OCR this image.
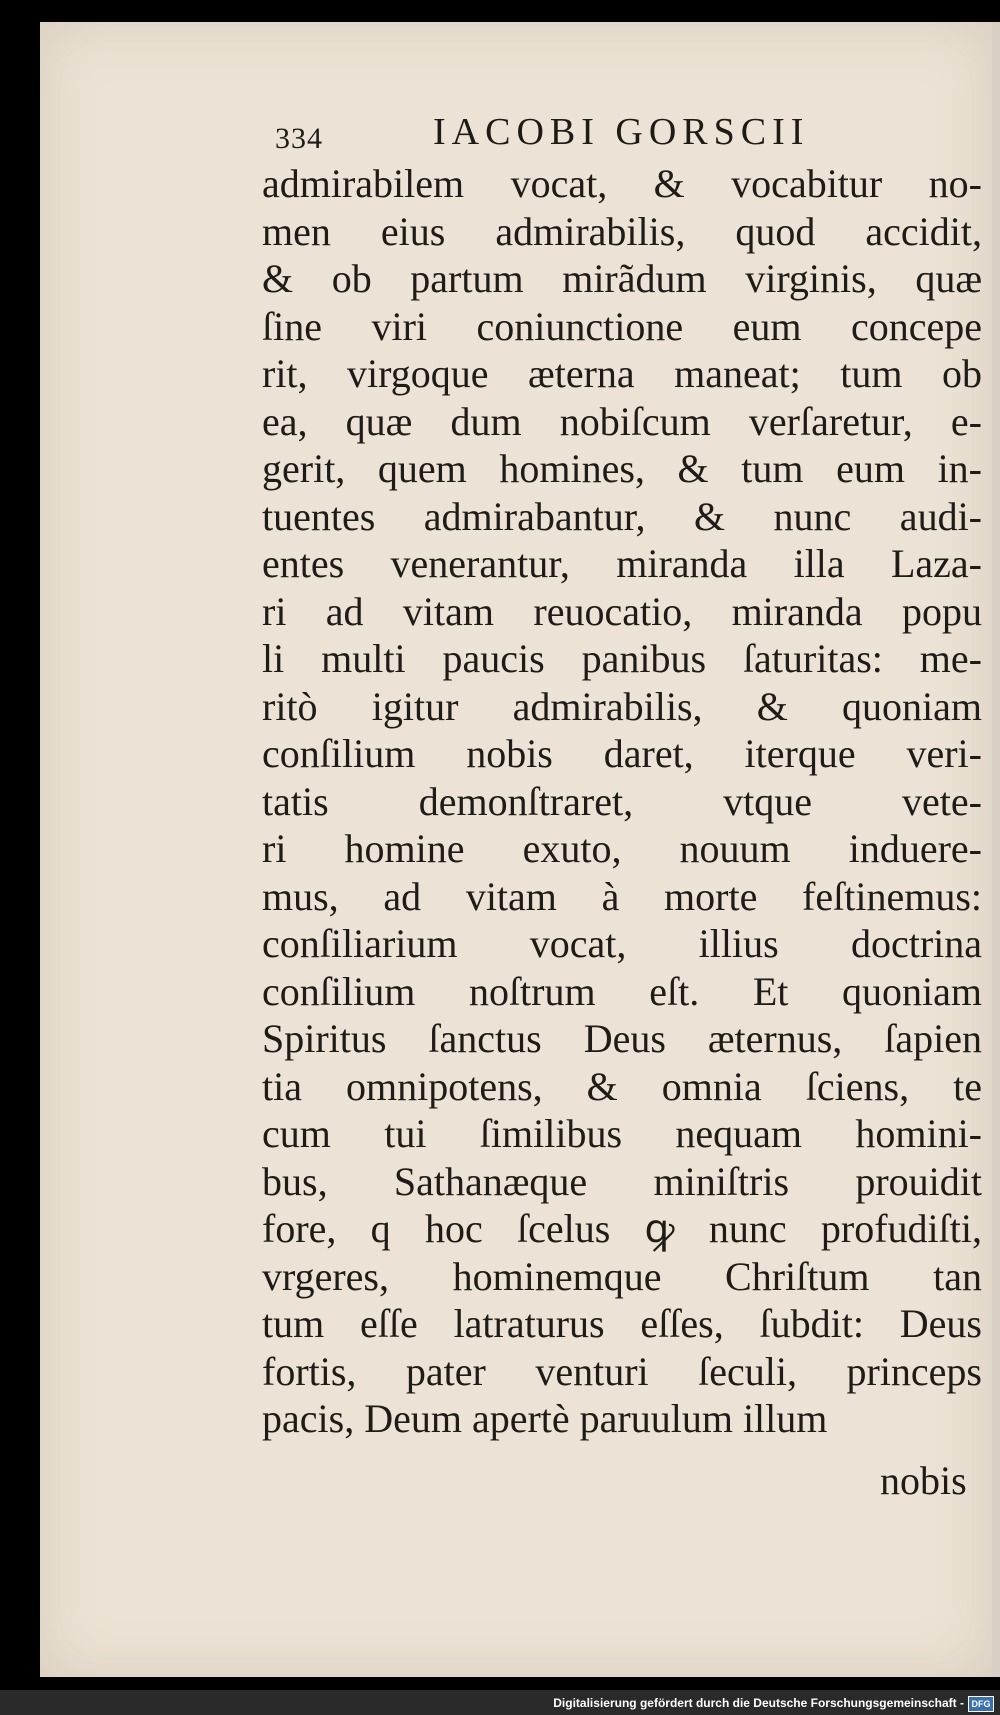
334	IACOBI GORSCII
admirabilem vocat, & vocabitur no-
men eius admirabilis, quod accidit,
& ob partum mirãdum virginis, quæ
ſine viri coniunctione eum concepe
rit, virgoque æterna maneat; tum ob
ea, quæ dum nobiſcum verſaretur, e-
gerit, quem homines, & tum eum in-
tuentes admirabantur, & nunc audi-
entes venerantur, miranda illa Laza-
ri ad vitam reuocatio, miranda popu
li multi paucis panibus ſaturitas: me-
ritò igitur admirabilis, & quoniam
conſilium nobis daret, iterque veri-
tatis demonſtraret, vtque vete-
ri homine exuto, nouum induere-
mus, ad vitam à morte feſtinemus:
conſiliarium vocat, illius doctrina
conſilium noſtrum eſt. Et quoniam
Spiritus ſanctus Deus æternus, ſapien
tia omnipotens, & omnia ſciens, te
cum tui ſimilibus nequam homini-
bus, Sathanæque miniſtris prouidit
fore, q hoc ſcelus ꝙ nunc profudiſti,
vrgeres, hominemque Chriſtum tan
tum eſſe latraturus eſſes, ſubdit: Deus
fortis, pater venturi ſeculi, princeps
pacis, Deum apertè paruulum illum
nobis
Digitalisierung gefördert durch die Deutsche Forschungsgemeinschaft - DFG
